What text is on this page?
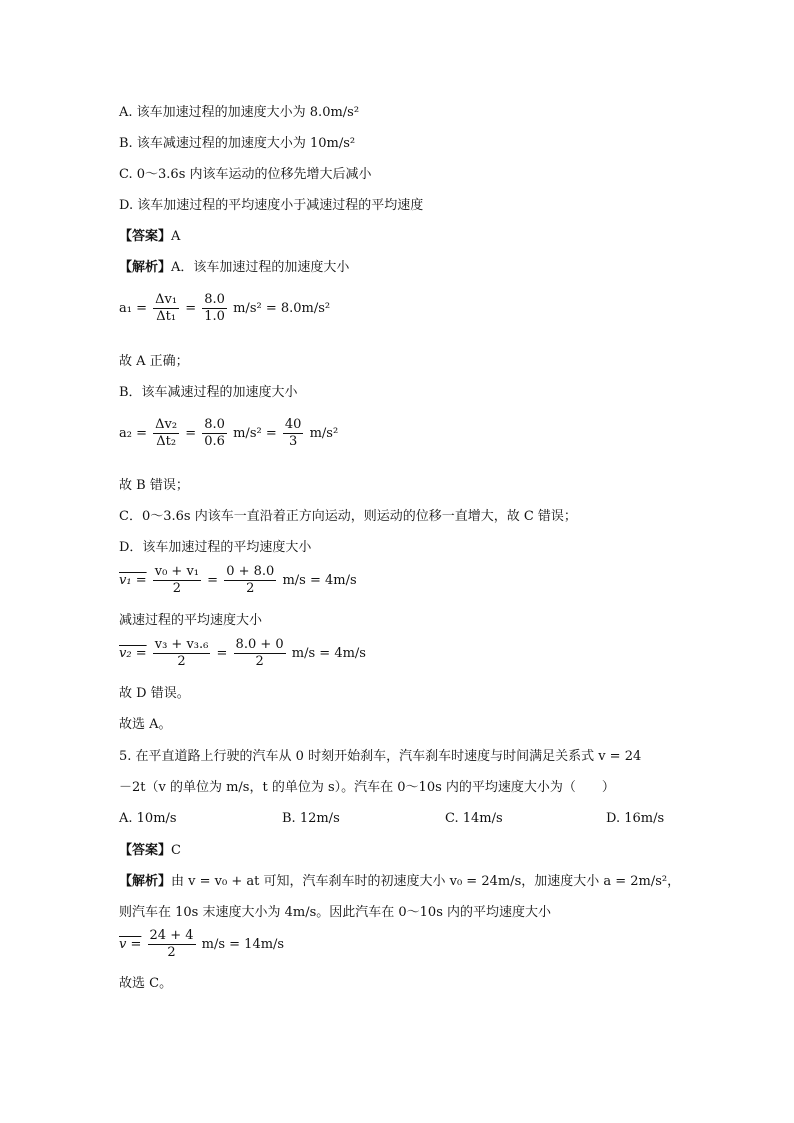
A. 该车加速过程的加速度大小为 8.0m/s²
B. 该车减速过程的加速度大小为 10m/s²
C. 0～3.6s 内该车运动的位移先增大后减小
D. 该车加速过程的平均速度小于减速过程的平均速度
【答案】A
【解析】A．该车加速过程的加速度大小
$a_1 = \frac{\text{Δv₁}}{\text{Δt₁}} = \frac{8.0}{1.0} m/s^2 = 8.0m/s^2$
故 A 正确；
B．该车减速过程的加速度大小
$a_2 = \frac{\text{Δv₂}}{\text{Δt₂}} = \frac{8.0}{0.6} m/s^2 = \frac{40}{3} m/s^2$
故 B 错误；
C．0～3.6s 内该车一直沿着正方向运动，则运动的位移一直增大，故 C 错误；
D．该车加速过程的平均速度大小
$v_1 = \frac{\text{v₀ + v₁}}{2} = \frac{0 + 8.0}{2} m/s = 4m/s$
减速过程的平均速度大小
$v_2 = \frac{\text{v₃ + v₃.₆}}{2} = \frac{8.0 + 0}{2} m/s = 4m/s$
故 D 错误。
故选 A。
5. 在平直道路上行驶的汽车从 0 时刻开始刹车，汽车刹车时速度与时间满足关系式 v = 24
－2t（v 的单位为 m/s，t 的单位为 s）。汽车在 0～10s 内的平均速度大小为（　　）
A. 10m/s	B. 12m/s	C. 14m/s	D. 16m/s
【答案】C
【解析】由 v = v₀ + at 可知，汽车刹车时的初速度大小 v₀ = 24m/s，加速度大小 a = 2m/s²，
则汽车在 10s 末速度大小为 4m/s。因此汽车在 0～10s 内的平均速度大小
$v = \frac{24 + 4}{2} m/s = 14m/s$
故选 C。
